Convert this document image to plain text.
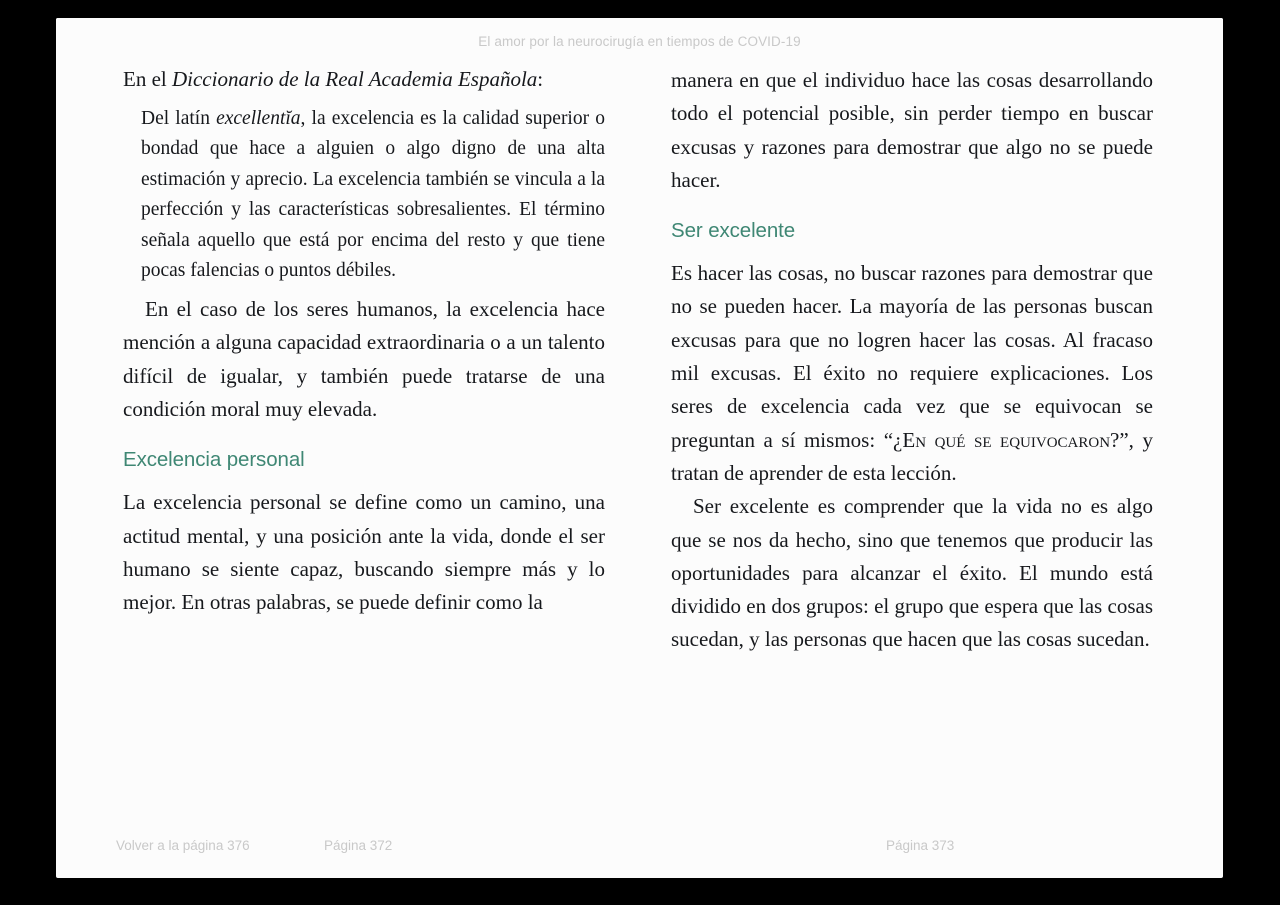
El amor por la neurocirugía en tiempos de COVID-19

En el Diccionario de la Real Academia Española:

Del latín excellentĭa, la excelencia es la calidad superior o bondad que hace a alguien o algo digno de una alta estimación y aprecio. La excelencia también se vincula a la perfección y las características sobresalientes. El término señala aquello que está por encima del resto y que tiene pocas falencias o puntos débiles.

En el caso de los seres humanos, la excelencia hace mención a alguna capacidad extraordinaria o a un talento difícil de igualar, y también puede tratarse de una condición moral muy elevada.

Excelencia personal

La excelencia personal se define como un camino, una actitud mental, y una posición ante la vida, donde el ser humano se siente capaz, buscando siempre más y lo mejor. En otras palabras, se puede definir como la

manera en que el individuo hace las cosas desarrollando todo el potencial posible, sin perder tiempo en buscar excusas y razones para demostrar que algo no se puede hacer.

Ser excelente

Es hacer las cosas, no buscar razones para demostrar que no se pueden hacer. La mayoría de las personas buscan excusas para que no logren hacer las cosas. Al fracaso mil excusas. El éxito no requiere explicaciones. Los seres de excelencia cada vez que se equivocan se preguntan a sí mismos: “¿En qué se equivocaron?”, y tratan de aprender de esta lección.

Ser excelente es comprender que la vida no es algo que se nos da hecho, sino que tenemos que producir las oportunidades para alcanzar el éxito. El mundo está dividido en dos grupos: el grupo que espera que las cosas sucedan, y las personas que hacen que las cosas sucedan.

Volver a la página 376	Página 372	Página 373
